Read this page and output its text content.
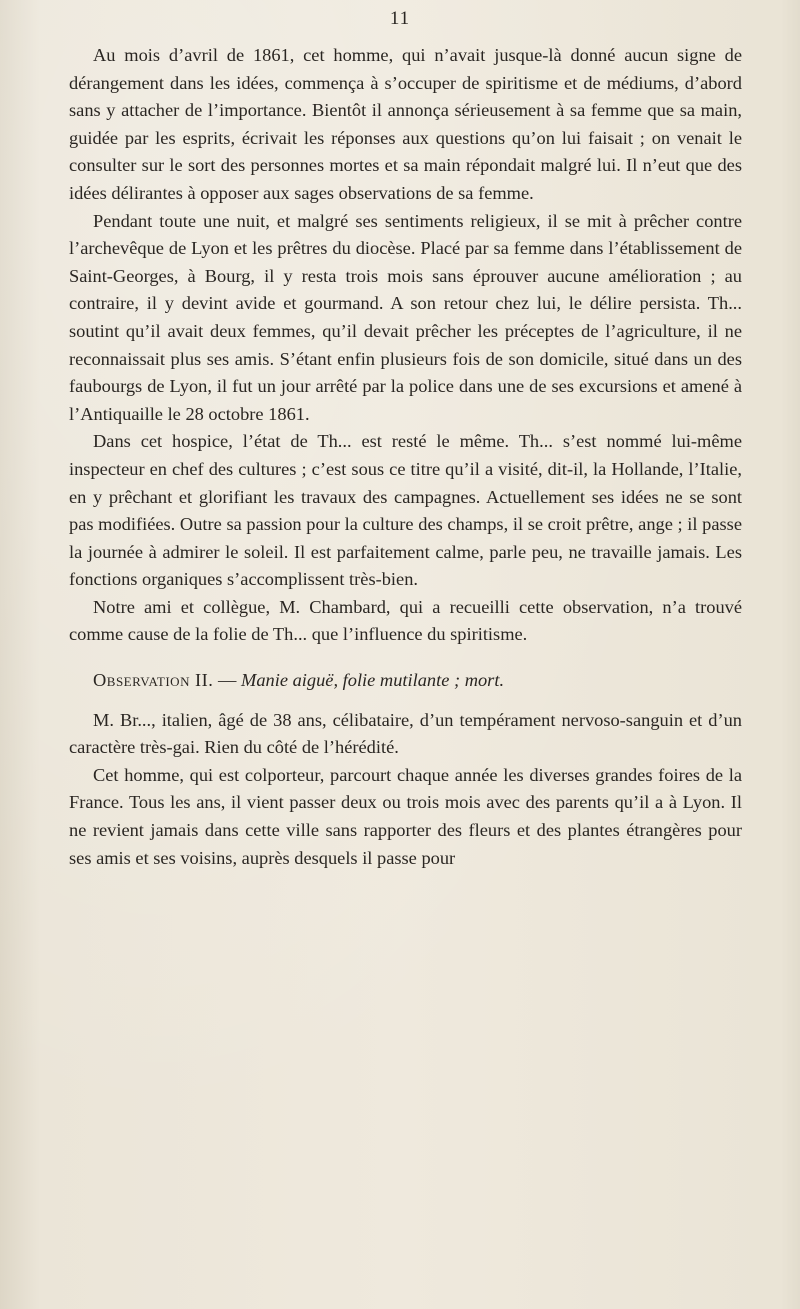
11

Au mois d’avril de 1861, cet homme, qui n’avait jusque-là donné aucun signe de dérangement dans les idées, commença à s’occuper de spiritisme et de médiums, d’abord sans y attacher de l’importance. Bientôt il annonça sérieusement à sa femme que sa main, guidée par les esprits, écrivait les réponses aux questions qu’on lui faisait ; on venait le consulter sur le sort des personnes mortes et sa main répondait malgré lui. Il n’eut que des idées délirantes à opposer aux sages observations de sa femme.

Pendant toute une nuit, et malgré ses sentiments religieux, il se mit à prêcher contre l’archevêque de Lyon et les prêtres du diocèse. Placé par sa femme dans l’établissement de Saint-Georges, à Bourg, il y resta trois mois sans éprouver aucune amélioration ; au contraire, il y devint avide et gourmand. A son retour chez lui, le délire persista. Th... soutint qu’il avait deux femmes, qu’il devait prêcher les préceptes de l’agriculture, il ne reconnaissait plus ses amis. S’étant enfin plusieurs fois de son domicile, situé dans un des faubourgs de Lyon, il fut un jour arrêté par la police dans une de ses excursions et amené à l’Antiquaille le 28 octobre 1861.

Dans cet hospice, l’état de Th... est resté le même. Th... s’est nommé lui-même inspecteur en chef des cultures ; c’est sous ce titre qu’il a visité, dit-il, la Hollande, l’Italie, en y prêchant et glorifiant les travaux des campagnes. Actuellement ses idées ne se sont pas modifiées. Outre sa passion pour la culture des champs, il se croit prêtre, ange ; il passe la journée à admirer le soleil. Il est parfaitement calme, parle peu, ne travaille jamais. Les fonctions organiques s’accomplissent très-bien.

Notre ami et collègue, M. Chambard, qui a recueilli cette observation, n’a trouvé comme cause de la folie de Th... que l’influence du spiritisme.

Observation II. — Manie aiguë, folie mutilante ; mort.

M. Br..., italien, âgé de 38 ans, célibataire, d’un tempérament nervoso-sanguin et d’un caractère très-gai. Rien du côté de l’hérédité.

Cet homme, qui est colporteur, parcourt chaque année les diverses grandes foires de la France. Tous les ans, il vient passer deux ou trois mois avec des parents qu’il a à Lyon. Il ne revient jamais dans cette ville sans rapporter des fleurs et des plantes étrangères pour ses amis et ses voisins, auprès desquels il passe pour
